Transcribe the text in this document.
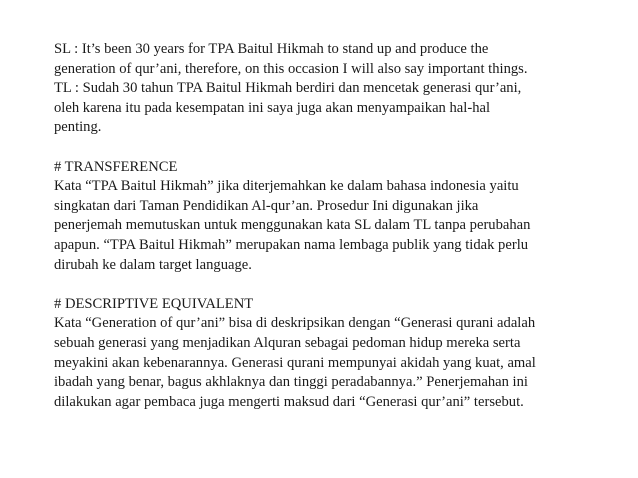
SL : It’s been 30 years for TPA Baitul Hikmah to stand up and produce the
generation of qur’ani, therefore, on this occasion I will also say important things.
TL : Sudah 30 tahun TPA Baitul Hikmah berdiri dan mencetak generasi qur’ani,
oleh karena itu pada kesempatan ini saya juga akan menyampaikan hal-hal
penting.

# TRANSFERENCE
Kata “TPA Baitul Hikmah” jika diterjemahkan ke dalam bahasa indonesia yaitu
singkatan dari Taman Pendidikan Al-qur’an. Prosedur Ini digunakan jika
penerjemah memutuskan untuk menggunakan kata SL dalam TL tanpa perubahan
apapun. “TPA Baitul Hikmah” merupakan nama lembaga publik yang tidak perlu
dirubah ke dalam target language.

# DESCRIPTIVE EQUIVALENT
Kata “Generation of qur’ani” bisa di deskripsikan dengan “Generasi qurani adalah
sebuah generasi yang menjadikan Alquran sebagai pedoman hidup mereka serta
meyakini akan kebenarannya. Generasi qurani mempunyai akidah yang kuat, amal
ibadah yang benar, bagus akhlaknya dan tinggi peradabannya.” Penerjemahan ini
dilakukan agar pembaca juga mengerti maksud dari “Generasi qur’ani” tersebut.
